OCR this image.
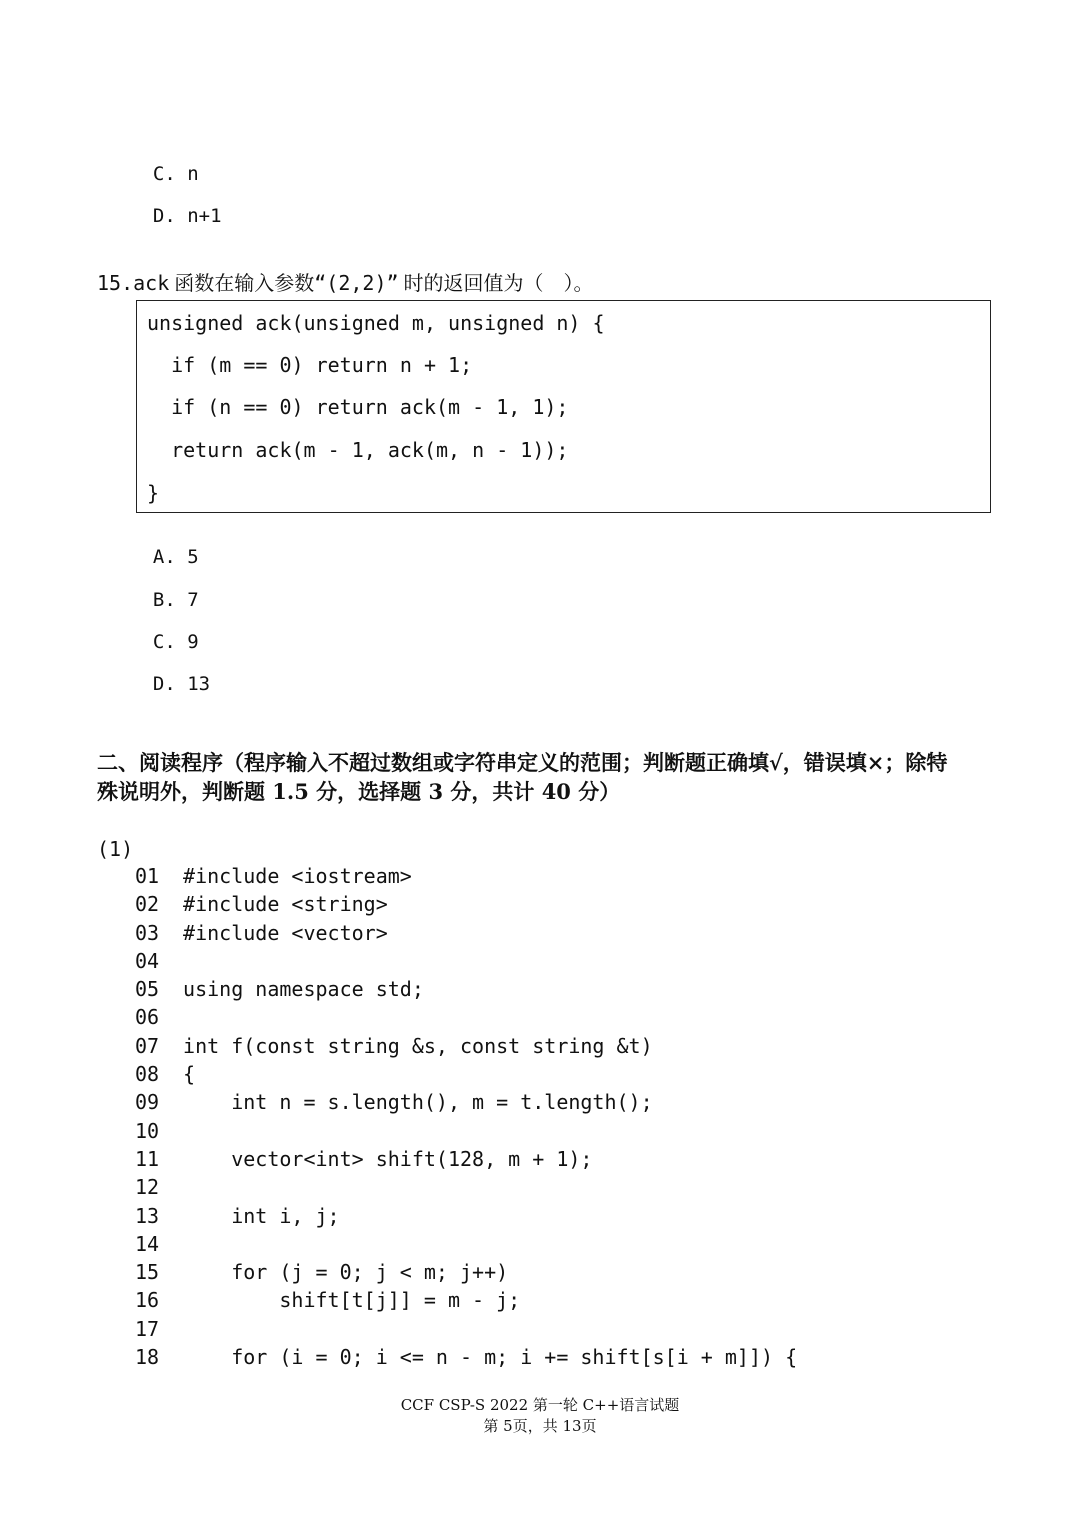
C. n

D. n+1

15.ack 函数在输入参数“(2,2)” 时的返回值为（　）。
unsigned ack(unsigned m, unsigned n) {
if (m == 0) return n + 1;
if (n == 0) return ack(m - 1, 1);
return ack(m - 1, ack(m, n - 1));
}

A. 5

B. 7

C. 9

D. 13

二、阅读程序（程序输入不超过数组或字符串定义的范围；判断题正确填√，错误填×；除特
殊说明外，判断题 1.5 分，选择题 3 分，共计 40 分）
(1)
01 #include <iostream>
02 #include <string>
03 #include <vector>
04
05 using namespace std;
06
07 int f(const string &s, const string &t)
08 {
09 int n = s.length(), m = t.length();
10
11 vector<int> shift(128, m + 1);
12
13 int i, j;
14
15 for (j = 0; j < m; j++)
16 shift[t[j]] = m - j;
17
18 for (i = 0; i <= n - m; i += shift[s[i + m]]) {
CCF CSP-S 2022 第一轮 C++语言试题
第 5页，共 13页
